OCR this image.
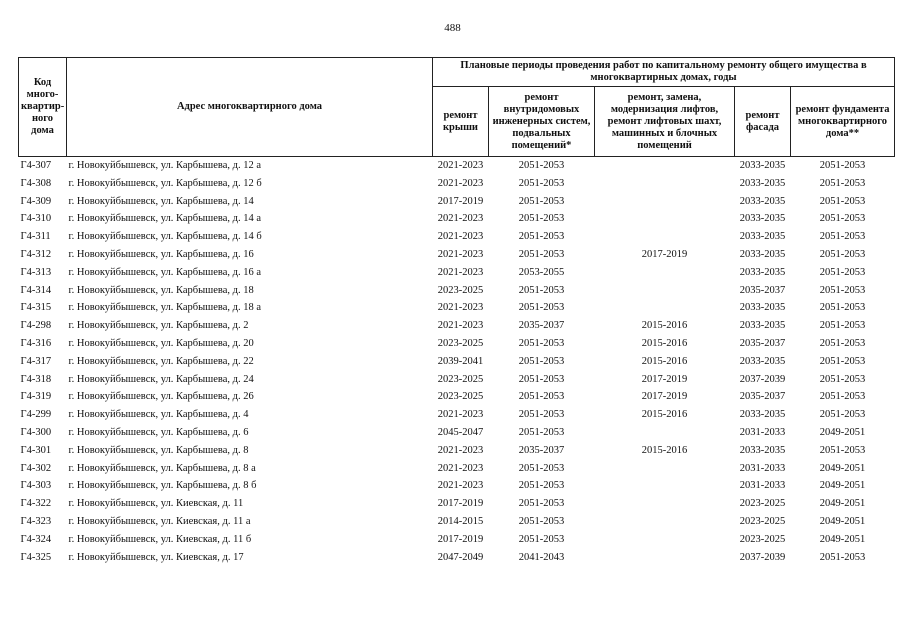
488
Код много-квартир-ного дома	Адрес многоквартирного дома	Плановые периоды проведения работ по капитальному ремонту общего имущества в многоквартирных домах, годы				
		ремонт крыши	ремонт внутридомовых инженерных систем, подвальных помещений*	ремонт, замена, модернизация лифтов, ремонт лифтовых шахт, машинных и блочных помещений	ремонт фасада	ремонт фундамента многоквартирного дома**
Г4-307	г. Новокуйбышевск, ул. Карбышева, д. 12 а	2021-2023	2051-2053		2033-2035	2051-2053
Г4-308	г. Новокуйбышевск, ул. Карбышева, д. 12 б	2021-2023	2051-2053		2033-2035	2051-2053
Г4-309	г. Новокуйбышевск, ул. Карбышева, д. 14	2017-2019	2051-2053		2033-2035	2051-2053
Г4-310	г. Новокуйбышевск, ул. Карбышева, д. 14 а	2021-2023	2051-2053		2033-2035	2051-2053
Г4-311	г. Новокуйбышевск, ул. Карбышева, д. 14 б	2021-2023	2051-2053		2033-2035	2051-2053
Г4-312	г. Новокуйбышевск, ул. Карбышева, д. 16	2021-2023	2051-2053	2017-2019	2033-2035	2051-2053
Г4-313	г. Новокуйбышевск, ул. Карбышева, д. 16 а	2021-2023	2053-2055		2033-2035	2051-2053
Г4-314	г. Новокуйбышевск, ул. Карбышева, д. 18	2023-2025	2051-2053		2035-2037	2051-2053
Г4-315	г. Новокуйбышевск, ул. Карбышева, д. 18 а	2021-2023	2051-2053		2033-2035	2051-2053
Г4-298	г. Новокуйбышевск, ул. Карбышева, д. 2	2021-2023	2035-2037	2015-2016	2033-2035	2051-2053
Г4-316	г. Новокуйбышевск, ул. Карбышева, д. 20	2023-2025	2051-2053	2015-2016	2035-2037	2051-2053
Г4-317	г. Новокуйбышевск, ул. Карбышева, д. 22	2039-2041	2051-2053	2015-2016	2033-2035	2051-2053
Г4-318	г. Новокуйбышевск, ул. Карбышева, д. 24	2023-2025	2051-2053	2017-2019	2037-2039	2051-2053
Г4-319	г. Новокуйбышевск, ул. Карбышева, д. 26	2023-2025	2051-2053	2017-2019	2035-2037	2051-2053
Г4-299	г. Новокуйбышевск, ул. Карбышева, д. 4	2021-2023	2051-2053	2015-2016	2033-2035	2051-2053
Г4-300	г. Новокуйбышевск, ул. Карбышева, д. 6	2045-2047	2051-2053		2031-2033	2049-2051
Г4-301	г. Новокуйбышевск, ул. Карбышева, д. 8	2021-2023	2035-2037	2015-2016	2033-2035	2051-2053
Г4-302	г. Новокуйбышевск, ул. Карбышева, д. 8 а	2021-2023	2051-2053		2031-2033	2049-2051
Г4-303	г. Новокуйбышевск, ул. Карбышева, д. 8 б	2021-2023	2051-2053		2031-2033	2049-2051
Г4-322	г. Новокуйбышевск, ул. Киевская, д. 11	2017-2019	2051-2053		2023-2025	2049-2051
Г4-323	г. Новокуйбышевск, ул. Киевская, д. 11 а	2014-2015	2051-2053		2023-2025	2049-2051
Г4-324	г. Новокуйбышевск, ул. Киевская, д. 11 б	2017-2019	2051-2053		2023-2025	2049-2051
Г4-325	г. Новокуйбышевск, ул. Киевская, д. 17	2047-2049	2041-2043		2037-2039	2051-2053
